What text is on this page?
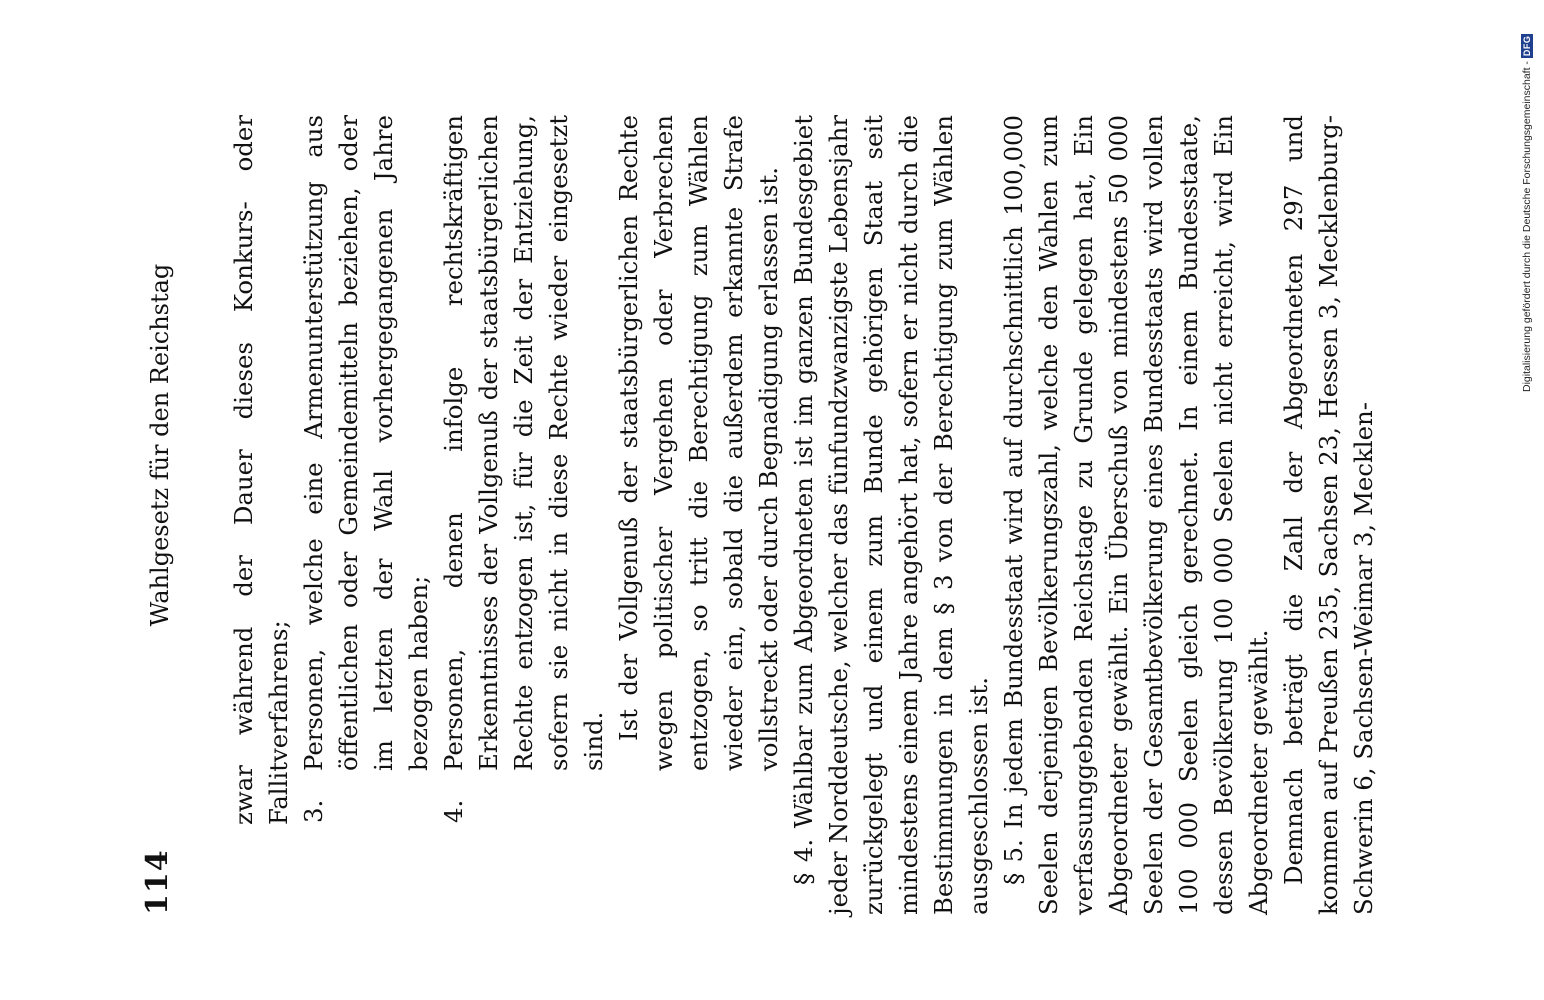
114
Wahlgesetz für den Reichstag zwar während der Dauer dieses Konkurs- oder Fallitverfahrens; 3.
Personen, welche eine Armenunterstützung aus öffentlichen oder Gemeindemitteln beziehen, oder im letzten der Wahl vorhergegangenen Jahre bezogen haben;

4.
Personen, denen infolge rechtskräftigen Erkenntnisses der Vollgenuß der staatsbürgerlichen Rechte entzogen ist, für die Zeit der Entziehung, sofern sie nicht in diese Rechte wieder eingesetzt sind.

Ist der Vollgenuß der staatsbürgerlichen Rechte wegen politischer Vergehen oder Verbrechen entzogen, so tritt die Berechtigung zum Wählen wieder ein, sobald die außerdem erkannte Strafe vollstreckt oder durch Begnadigung erlassen ist. § 4. Wählbar zum Abgeordneten ist im ganzen Bundesgebiet jeder Norddeutsche, welcher das fünfundzwanzigste Lebensjahr zurückgelegt und einem zum Bunde gehörigen Staat seit mindestens einem Jahre angehört hat, sofern er nicht durch die Bestimmungen in dem § 3 von der Berechtigung zum Wählen ausgeschlossen ist. § 5. In jedem Bundesstaat wird auf durchschnittlich 100,000 Seelen derjenigen Bevölkerungszahl, welche den Wahlen zum verfassunggebenden Reichstage zu Grunde gelegen hat, Ein Abgeordneter gewählt. Ein Überschuß von mindestens 50 000 Seelen der Gesamtbevölkerung eines Bundesstaats wird vollen 100 000 Seelen gleich gerechnet. In einem Bundesstaate, dessen Bevölkerung 100 000 Seelen nicht erreicht, wird Ein Abgeordneter gewählt. Demnach beträgt die Zahl der Abgeordneten 297 und kommen auf Preußen 235, Sachsen 23, Hessen 3, Mecklenburg-Schwerin 6, Sachsen-Weimar 3, Mecklen-

Digitalisierung gefördert durch die Deutsche Forschungsgemeinschaft -
DFG
